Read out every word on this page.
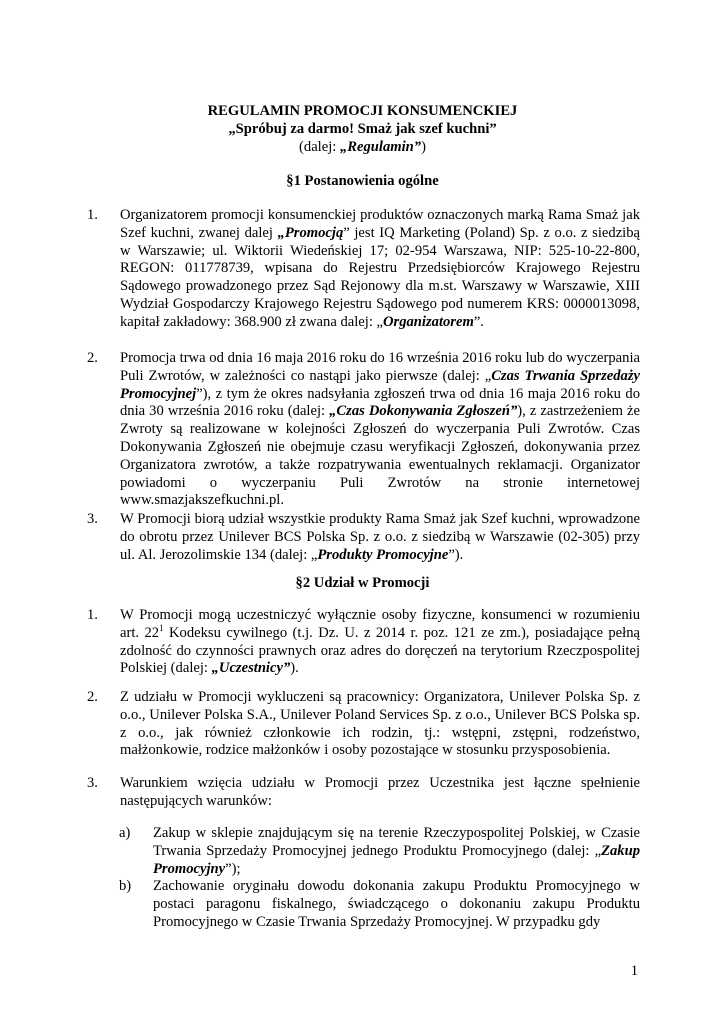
REGULAMIN PROMOCJI KONSUMENCKIEJ
„Spróbuj za darmo! Smaż jak szef kuchni”
(dalej: „Regulamin”)
§1 Postanowienia ogólne
1.	Organizatorem promocji konsumenckiej produktów oznaczonych marką Rama Smaż jak Szef kuchni, zwanej dalej „Promocją” jest IQ Marketing (Poland) Sp. z o.o. z siedzibą w Warszawie; ul. Wiktorii Wiedeńskiej 17; 02-954 Warszawa, NIP: 525-10-22-800, REGON: 011778739, wpisana do Rejestru Przedsiębiorców Krajowego Rejestru Sądowego prowadzonego przez Sąd Rejonowy dla m.st. Warszawy w Warszawie, XIII Wydział Gospodarczy Krajowego Rejestru Sądowego pod numerem KRS: 0000013098, kapitał zakładowy: 368.900 zł zwana dalej: „Organizatorem”.
2.	Promocja trwa od dnia 16 maja 2016 roku do 16 września 2016 roku lub do wyczerpania Puli Zwrotów, w zależności co nastąpi jako pierwsze (dalej: „Czas Trwania Sprzedaży Promocyjnej”), z tym że okres nadsyłania zgłoszeń trwa od dnia 16 maja 2016 roku do dnia 30 września 2016 roku (dalej: „Czas Dokonywania Zgłoszeń”), z zastrzeżeniem że Zwroty są realizowane w kolejności Zgłoszeń do wyczerpania Puli Zwrotów. Czas Dokonywania Zgłoszeń nie obejmuje czasu weryfikacji Zgłoszeń, dokonywania przez Organizatora zwrotów, a także rozpatrywania ewentualnych reklamacji. Organizator powiadomi o wyczerpaniu Puli Zwrotów na stronie internetowej www.smazjakszefkuchni.pl.
3.	W Promocji biorą udział wszystkie produkty Rama Smaż jak Szef kuchni, wprowadzone do obrotu przez Unilever BCS Polska Sp. z o.o. z siedzibą w Warszawie (02-305) przy ul. Al. Jerozolimskie 134 (dalej: „Produkty Promocyjne”).
§2 Udział w Promocji
1.	W Promocji mogą uczestniczyć wyłącznie osoby fizyczne, konsumenci w rozumieniu art. $22^1$ Kodeksu cywilnego (t.j. Dz. U. z 2014 r. poz. 121 ze zm.), posiadające pełną zdolność do czynności prawnych oraz adres do doręczeń na terytorium Rzeczpospolitej Polskiej (dalej: „Uczestnicy”).
2.	Z udziału w Promocji wykluczeni są pracownicy: Organizatora, Unilever Polska Sp. z o.o., Unilever Polska S.A., Unilever Poland Services Sp. z o.o., Unilever BCS Polska sp. z o.o., jak również członkowie ich rodzin, tj.: wstępni, zstępni, rodzeństwo, małżonkowie, rodzice małżonków i osoby pozostające w stosunku przysposobienia.
3.	Warunkiem wzięcia udziału w Promocji przez Uczestnika jest łączne spełnienie następujących warunków:
a)	Zakup w sklepie znajdującym się na terenie Rzeczypospolitej Polskiej, w Czasie Trwania Sprzedaży Promocyjnej jednego Produktu Promocyjnego (dalej: „Zakup Promocyjny”);
b)	Zachowanie oryginału dowodu dokonania zakupu Produktu Promocyjnego w postaci paragonu fiskalnego, świadczącego o dokonaniu zakupu Produktu Promocyjnego w Czasie Trwania Sprzedaży Promocyjnej. W przypadku gdy
1
